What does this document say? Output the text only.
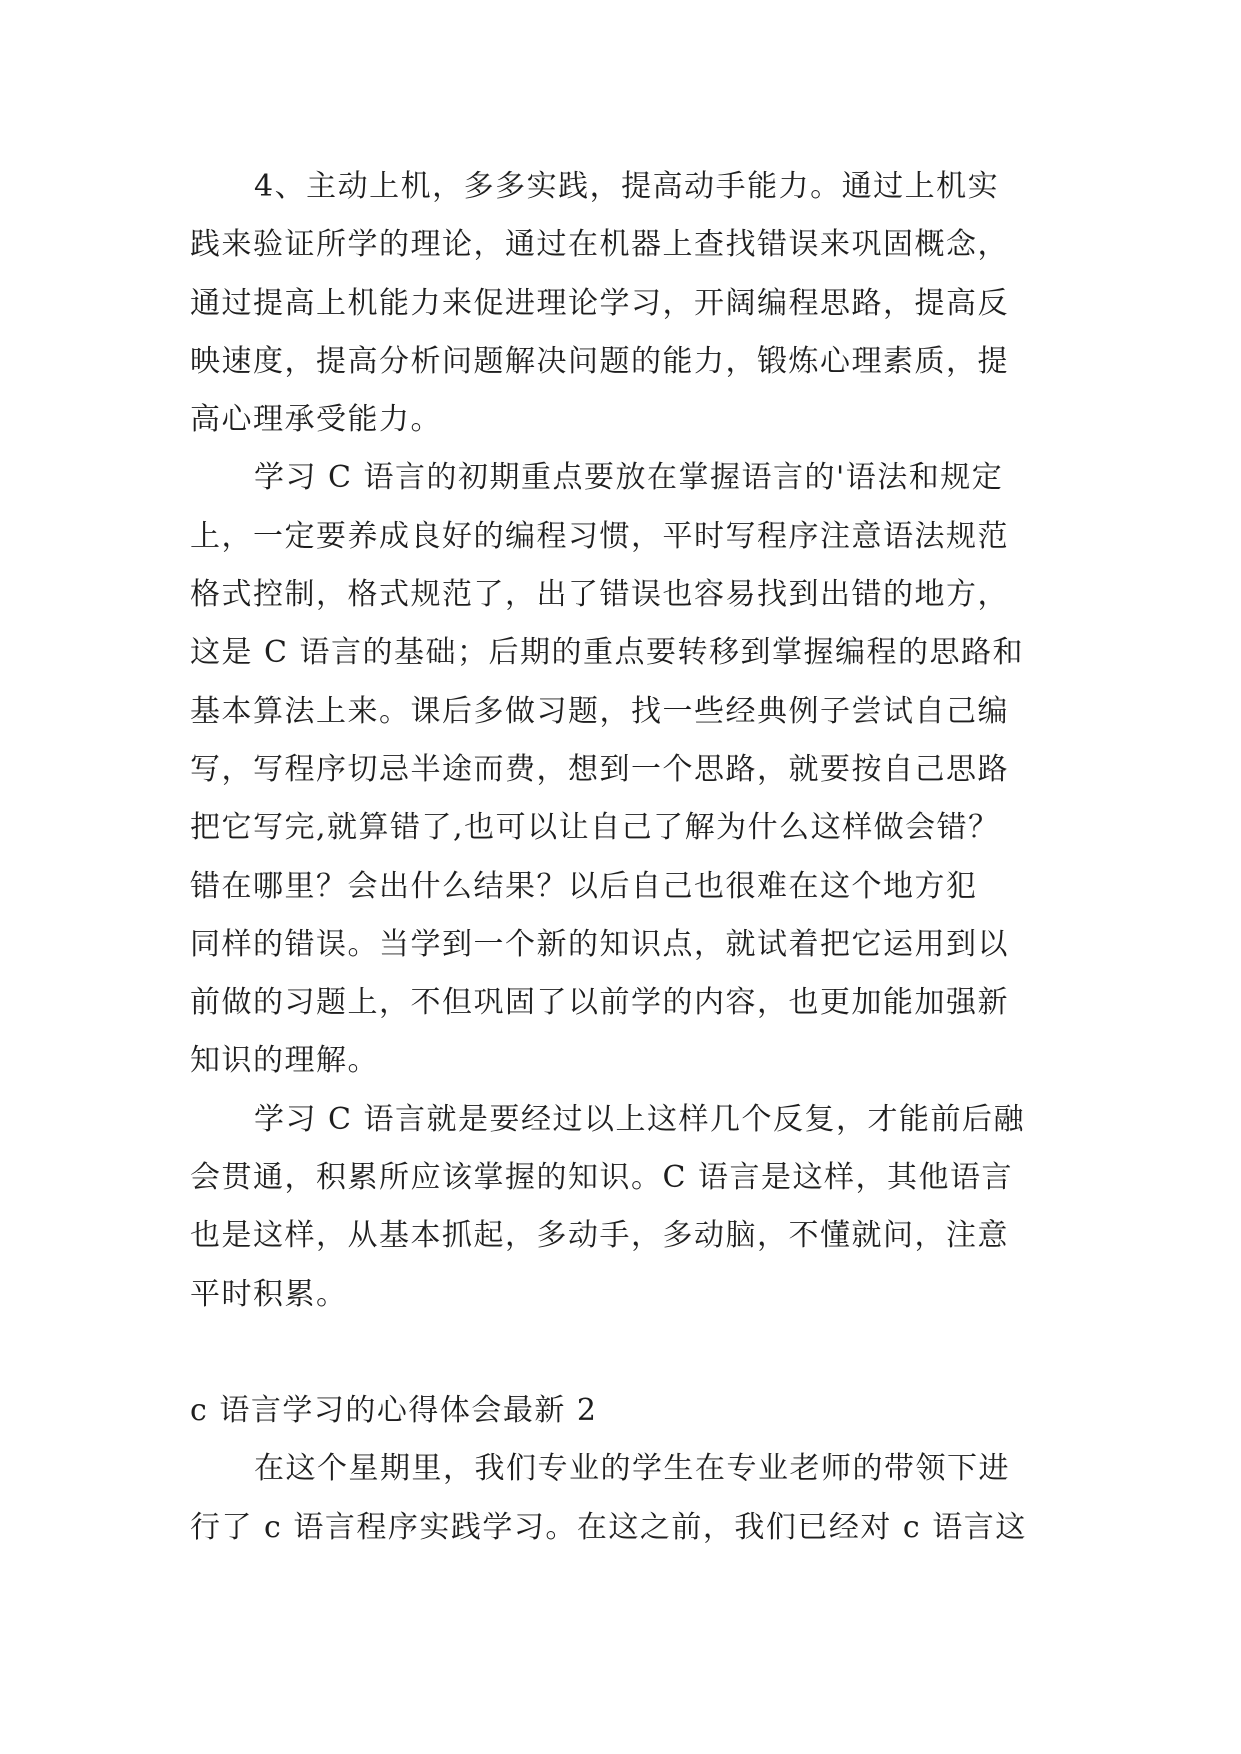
4、主动上机，多多实践，提高动手能力。通过上机实
践来验证所学的理论，通过在机器上查找错误来巩固概念，
通过提高上机能力来促进理论学习，开阔编程思路，提高反
映速度，提高分析问题解决问题的能力，锻炼心理素质，提
高心理承受能力。
学习 C 语言的初期重点要放在掌握语言的'语法和规定
上，一定要养成良好的编程习惯，平时写程序注意语法规范
格式控制，格式规范了，出了错误也容易找到出错的地方，
这是 C 语言的基础；后期的重点要转移到掌握编程的思路和
基本算法上来。课后多做习题，找一些经典例子尝试自己编
写，写程序切忌半途而费，想到一个思路，就要按自己思路
把它写完,就算错了,也可以让自己了解为什么这样做会错？
错在哪里？会出什么结果？以后自己也很难在这个地方犯
同样的错误。当学到一个新的知识点，就试着把它运用到以
前做的习题上，不但巩固了以前学的内容，也更加能加强新
知识的理解。
学习 C 语言就是要经过以上这样几个反复，才能前后融
会贯通，积累所应该掌握的知识。C 语言是这样，其他语言
也是这样，从基本抓起，多动手，多动脑，不懂就问，注意
平时积累。
c 语言学习的心得体会最新 2
在这个星期里，我们专业的学生在专业老师的带领下进
行了 c 语言程序实践学习。在这之前，我们已经对 c 语言这
